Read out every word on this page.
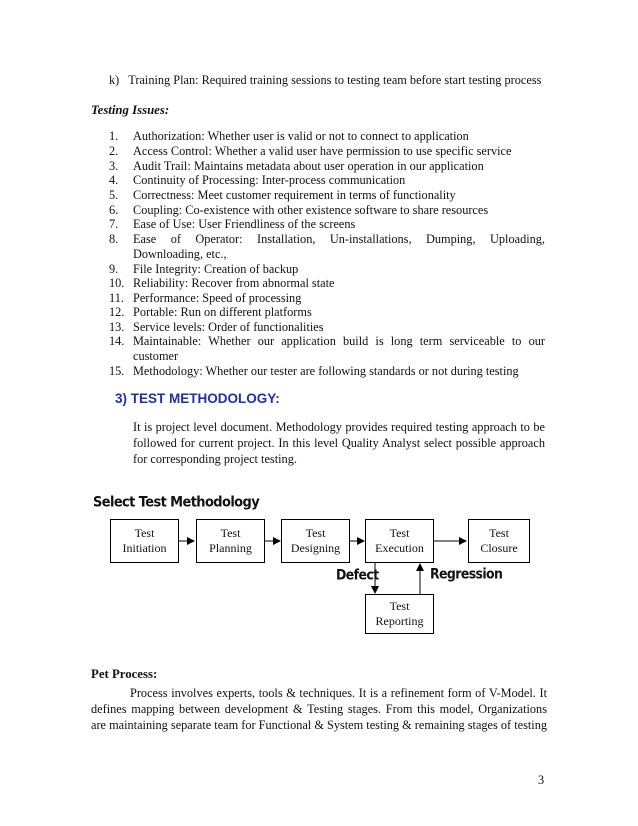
k) Training Plan: Required training sessions to testing team before start testing process
Testing Issues:
1.	Authorization: Whether user is valid or not to connect to application
2.	Access Control: Whether a valid user have permission to use specific service
3.	Audit Trail: Maintains metadata about user operation in our application
4.	Continuity of Processing: Inter-process communication
5.	Correctness: Meet customer requirement in terms of functionality
6.	Coupling: Co-existence with other existence software to share resources
7.	Ease of Use: User Friendliness of the screens
8.	Ease of Operator: Installation, Un-installations, Dumping, Uploading,
Downloading, etc.,
9.	File Integrity: Creation of backup
10. Reliability: Recover from abnormal state
11. Performance: Speed of processing
12. Portable: Run on different platforms
13. Service levels: Order of functionalities
14. Maintainable: Whether our application build is long term serviceable to our
customer
15. Methodology: Whether our tester are following standards or not during testing
3) TEST METHODOLOGY:
It is project level document. Methodology provides required testing approach to be followed for current project. In this level Quality Analyst select possible approach for corresponding project testing.
Select Test Methodology
Test
Initiation
Test
Planning
Test
Designing
Test
Execution
Test
Closure
Test
Reporting
Defect	Regression
Pet Process:
Process involves experts, tools & techniques. It is a refinement form of V-Model. It
defines mapping between development & Testing stages. From this model, Organizations
are maintaining separate team for Functional & System testing & remaining stages of testing
3
